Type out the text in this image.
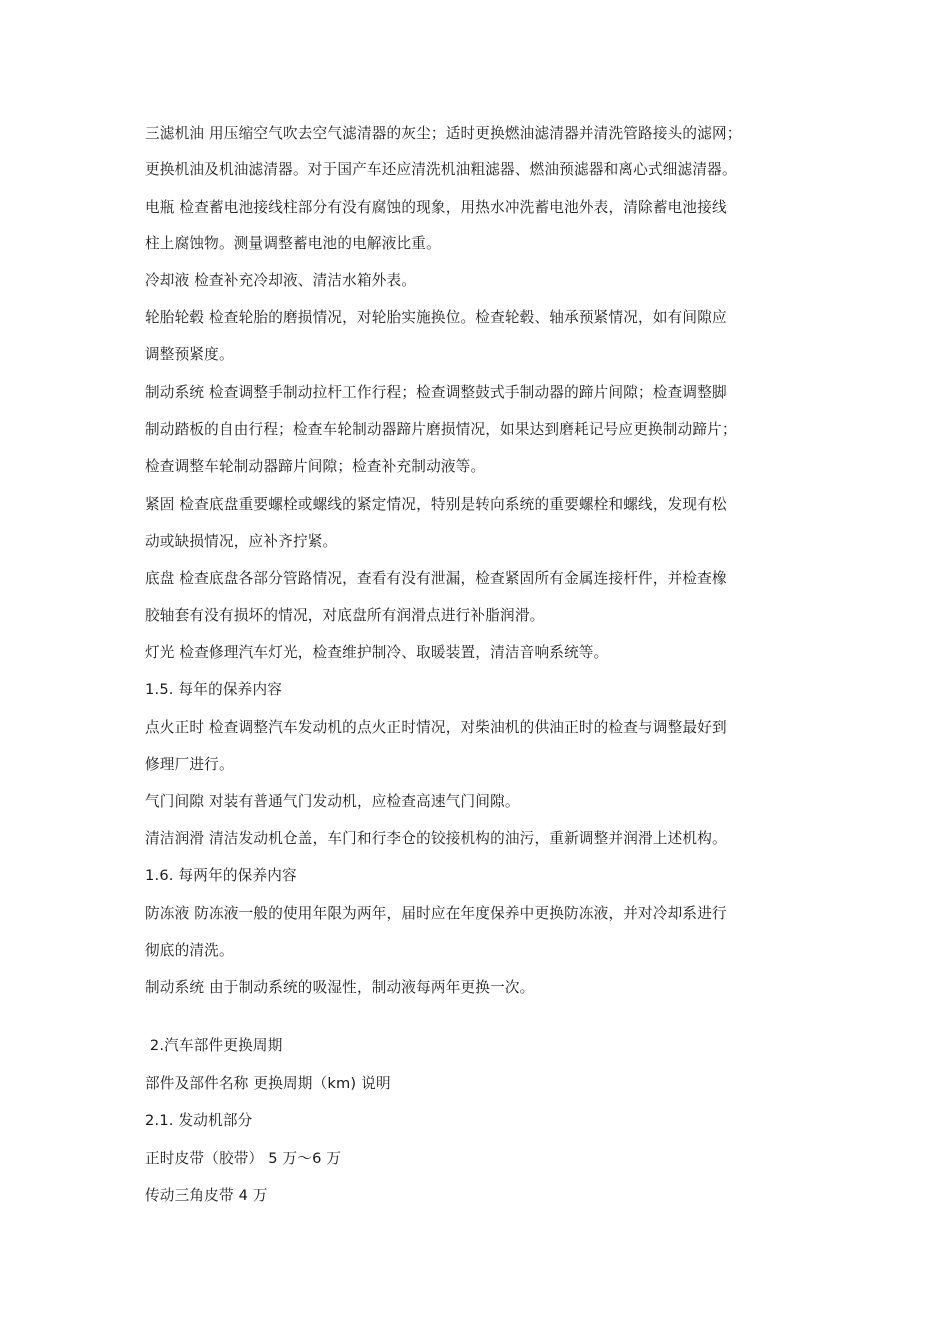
三滤机油 用压缩空气吹去空气滤清器的灰尘；适时更换燃油滤清器并清洗管路接头的滤网；
更换机油及机油滤清器。对于国产车还应清洗机油粗滤器、燃油预滤器和离心式细滤清器。
电瓶 检查蓄电池接线柱部分有没有腐蚀的现象，用热水冲洗蓄电池外表，清除蓄电池接线
柱上腐蚀物。测量调整蓄电池的电解液比重。
冷却液 检查补充冷却液、清洁水箱外表。
轮胎轮毂 检查轮胎的磨损情况，对轮胎实施换位。检查轮毂、轴承预紧情况，如有间隙应
调整预紧度。
制动系统 检查调整手制动拉杆工作行程；检查调整鼓式手制动器的蹄片间隙；检查调整脚
制动踏板的自由行程；检查车轮制动器蹄片磨损情况，如果达到磨耗记号应更换制动蹄片；
检查调整车轮制动器蹄片间隙；检查补充制动液等。
紧固 检查底盘重要螺栓或螺线的紧定情况，特别是转向系统的重要螺栓和螺线，发现有松
动或缺损情况，应补齐拧紧。
底盘 检查底盘各部分管路情况，查看有没有泄漏，检查紧固所有金属连接杆件，并检查橡
胶轴套有没有损坏的情况，对底盘所有润滑点进行补脂润滑。
灯光 检查修理汽车灯光，检查维护制冷、取暖装置，清洁音响系统等。
1.5. 每年的保养内容
点火正时 检查调整汽车发动机的点火正时情况，对柴油机的供油正时的检查与调整最好到
修理厂进行。
气门间隙 对装有普通气门发动机，应检查高速气门间隙。
清洁润滑 清洁发动机仓盖，车门和行李仓的铰接机构的油污，重新调整并润滑上述机构。
1.6. 每两年的保养内容
防冻液 防冻液一般的使用年限为两年，届时应在年度保养中更换防冻液，并对冷却系进行
彻底的清洗。
制动系统 由于制动系统的吸湿性，制动液每两年更换一次。
2.汽车部件更换周期
部件及部件名称 更换周期（km) 说明
2.1. 发动机部分
正时皮带（胶带） 5 万～6 万
传动三角皮带 4 万
